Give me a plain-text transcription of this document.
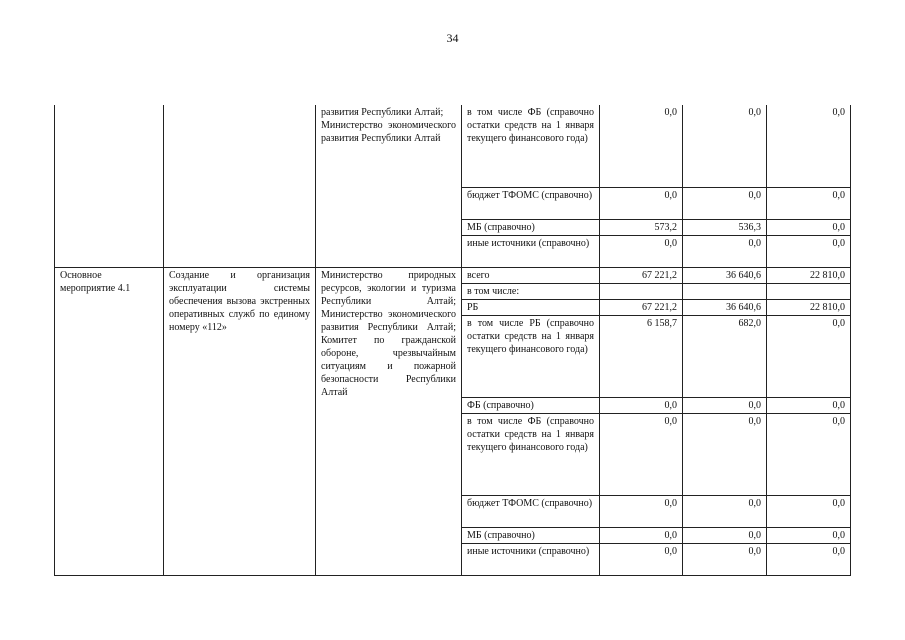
34

		развития Республики Алтай;
Министерство экономического развития Республики Алтай	в том числе ФБ (справочно остатки средств на 1 января текущего финансового года)	0,0	0,0	0,0
			бюджет ТФОМС (справочно)	0,0	0,0	0,0
			МБ (справочно)	573,2	536,3	0,0
			иные источники (справочно)	0,0	0,0	0,0
Основное мероприятие 4.1	Создание и организация эксплуатации системы обеспечения вызова экстренных оперативных служб по единому номеру «112»	Министерство природных ресурсов, экологии и туризма Республики Алтай; Министерство экономического развития Республики Алтай; Комитет по гражданской обороне, чрезвычайным ситуациям и пожарной безопасности Республики Алтай	всего	67 221,2	36 640,6	22 810,0
			в том числе:			
			РБ	67 221,2	36 640,6	22 810,0
			в том числе РБ (справочно остатки средств на 1 января текущего финансового года)	6 158,7	682,0	0,0
			ФБ (справочно)	0,0	0,0	0,0
			в том числе ФБ (справочно остатки средств на 1 января текущего финансового года)	0,0	0,0	0,0
			бюджет ТФОМС (справочно)	0,0	0,0	0,0
			МБ (справочно)	0,0	0,0	0,0
			иные источники (справочно)	0,0	0,0	0,0
